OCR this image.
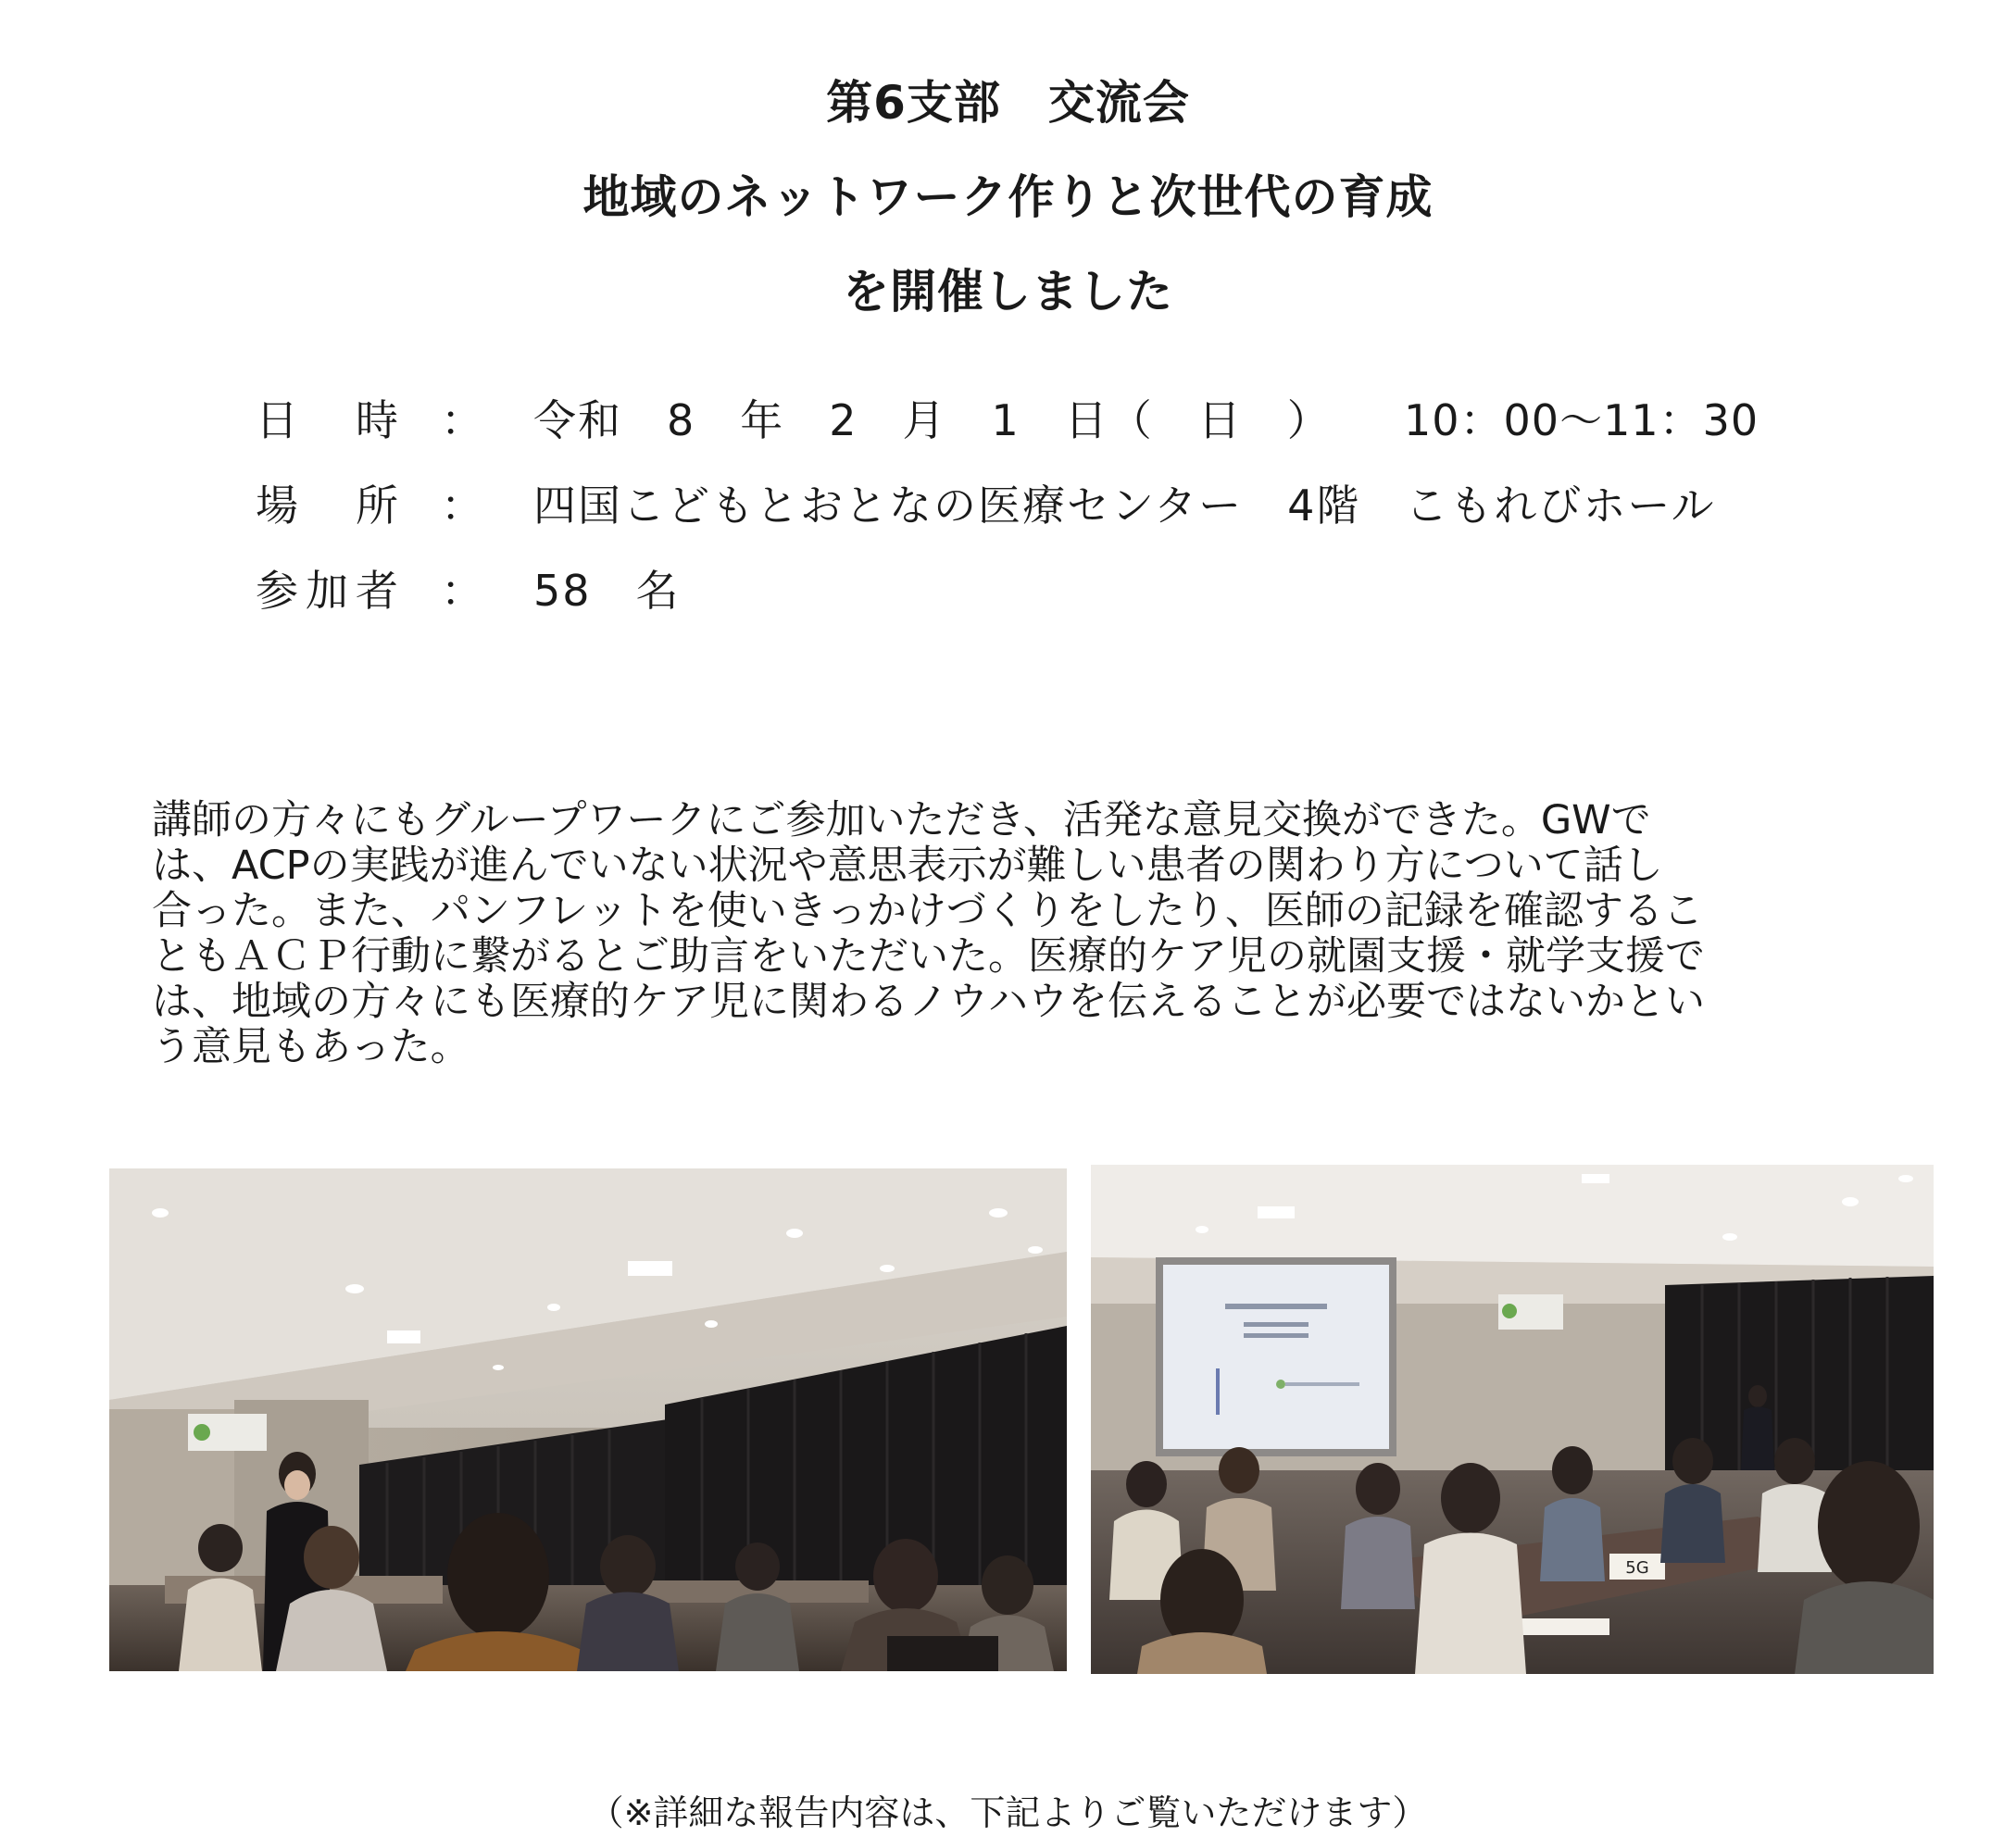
第6支部　交流会
地域のネットワーク作りと次世代の育成
を開催しました
日　時 ： 令和　8　年　2　月　1　日（　日　） 10：00～11：30
場　所 ： 四国こどもとおとなの医療センター　4階　こもれびホール
参加者 ： 58　名
講師の方々にもグループワークにご参加いただき、活発な意見交換ができた。GWで
は、ACPの実践が進んでいない状況や意思表示が難しい患者の関わり方について話し
合った。また、パンフレットを使いきっかけづくりをしたり、医師の記録を確認するこ
ともＡＣＰ行動に繋がるとご助言をいただいた。医療的ケア児の就園支援・就学支援で
は、地域の方々にも医療的ケア児に関わるノウハウを伝えることが必要ではないかとい
う意見もあった。
5G
（※詳細な報告内容は、下記よりご覧いただけます）
